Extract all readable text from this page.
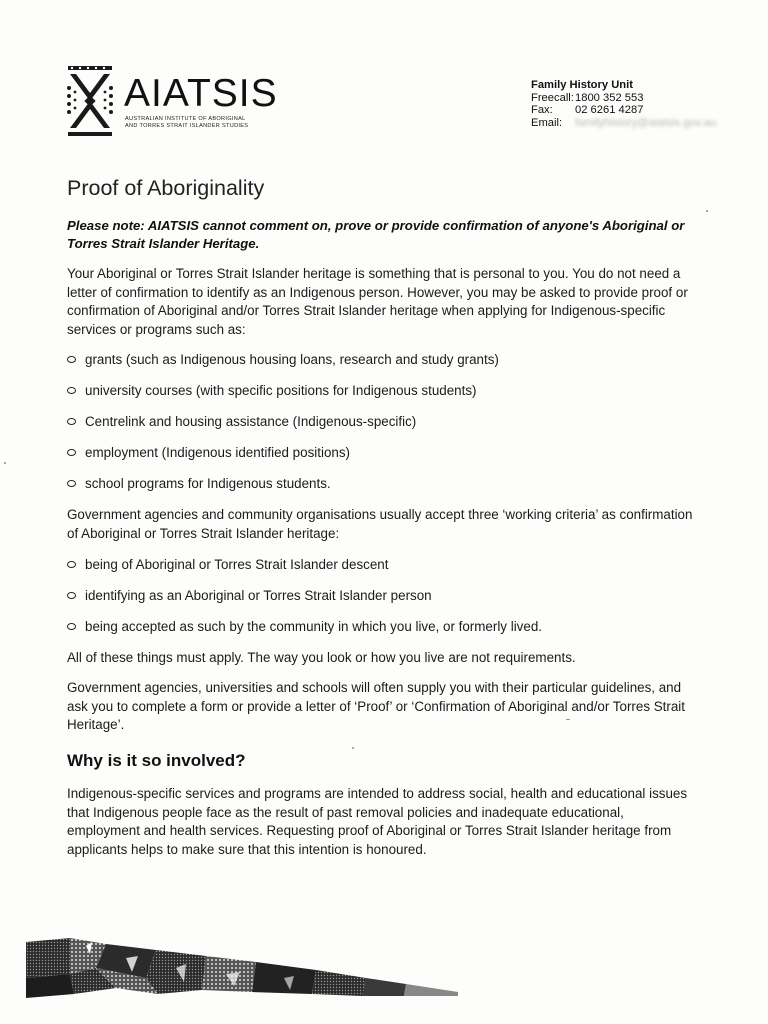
AIATSIS
AUSTRALIAN INSTITUTE OF ABORIGINAL
AND TORRES STRAIT ISLANDER STUDIES
Family History Unit
Freecall: 1800 352 553
Fax:	02 6261 4287
Email:	familyhistory@aiatsis.gov.au
Proof of Aboriginality

Please note: AIATSIS cannot comment on, prove or provide confirmation of anyone's Aboriginal or Torres Strait Islander Heritage.

Your Aboriginal or Torres Strait Islander heritage is something that is personal to you. You do not need a letter of confirmation to identify as an Indigenous person. However, you may be asked to provide proof or confirmation of Aboriginal and/or Torres Strait Islander heritage when applying for Indigenous-specific services or programs such as:

grants (such as Indigenous housing loans, research and study grants)
university courses (with specific positions for Indigenous students)
Centrelink and housing assistance (Indigenous-specific)
employment (Indigenous identified positions)
school programs for Indigenous students.

Government agencies and community organisations usually accept three ‘working criteria’ as confirmation of Aboriginal or Torres Strait Islander heritage:

being of Aboriginal or Torres Strait Islander descent
identifying as an Aboriginal or Torres Strait Islander person
being accepted as such by the community in which you live, or formerly lived.

All of these things must apply. The way you look or how you live are not requirements.

Government agencies, universities and schools will often supply you with their particular guidelines, and ask you to complete a form or provide a letter of ‘Proof’ or ‘Confirmation of Aboriginal and/or Torres Strait Heritage’.

Why is it so involved?

Indigenous-specific services and programs are intended to address social, health and educational issues that Indigenous people face as the result of past removal policies and inadequate educational, employment and health services. Requesting proof of Aboriginal or Torres Strait Islander heritage from applicants helps to make sure that this intention is honoured.
